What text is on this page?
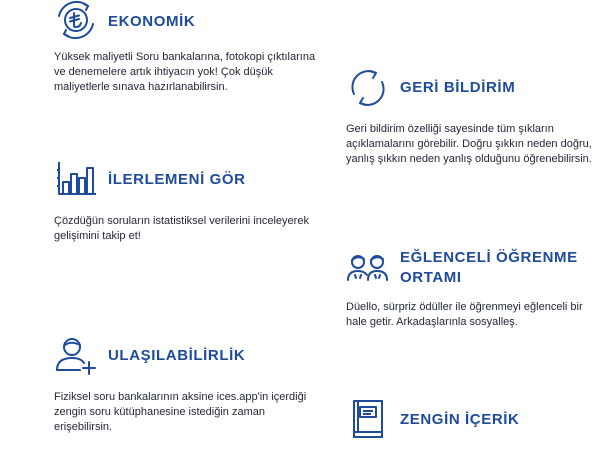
EKONOMİK

Yüksek maliyetli Soru bankalarına, fotokopi çıktılarına ve denemelere artık ihtiyacın yok! Çok düşük maliyetlerle sınava hazırlanabilirsin.

İLERLEMENİ GÖR

Çözdüğün soruların istatistiksel verilerini inceleyerek gelişimini takip et!

ULAŞILABİLİRLİK

Fiziksel soru bankalarının aksine ices.app'in içerdiği zengin soru kütüphanesine istediğin zaman erişebilirsin.

GERİ BİLDİRİM

Geri bildirim özelliği sayesinde tüm şıkların açıklamalarını görebilir. Doğru şıkkın neden doğru, yanlış şıkkın neden yanlış olduğunu öğrenebilirsin.

EĞLENCELİ ÖĞRENME
ORTAMI

Düello, sürpriz ödüller ile öğrenmeyi eğlenceli bir hale getir. Arkadaşlarınla sosyalleş.

ZENGİN İÇERİK
